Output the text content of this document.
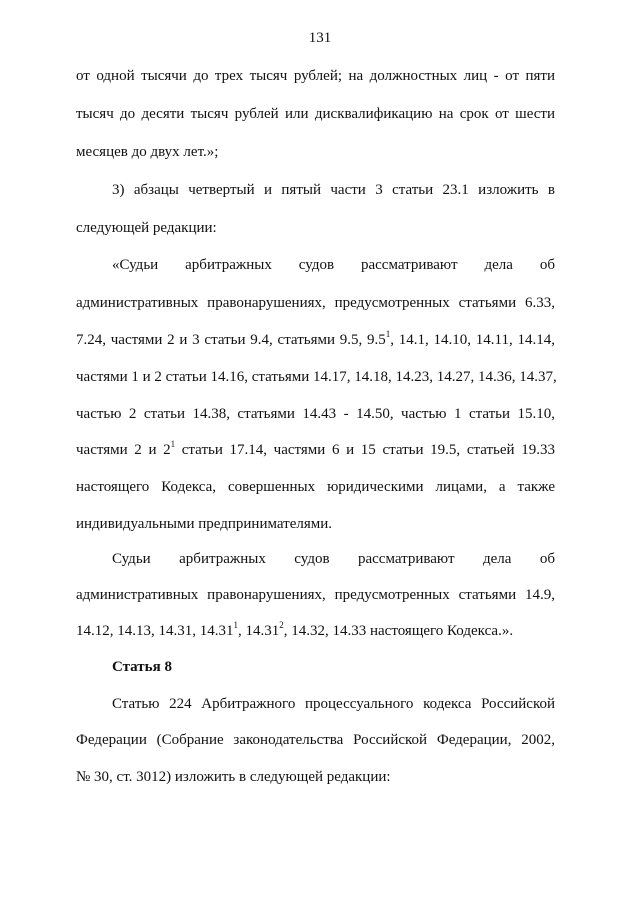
131
от одной тысячи до трех тысяч рублей; на должностных лиц - от пяти
тысяч до десяти тысяч рублей или дисквалификацию на срок от шести
месяцев до двух лет.»;
3) абзацы четвертый и пятый части 3 статьи 23.1 изложить в
следующей редакции:
«Судьи арбитражных судов рассматривают дела об
административных правонарушениях, предусмотренных статьями 6.33,
7.24, частями 2 и 3 статьи 9.4, статьями 9.5, $9.5^1$, 14.1, 14.10, 14.11, 14.14,
частями 1 и 2 статьи 14.16, статьями 14.17, 14.18, 14.23, 14.27, 14.36, 14.37,
частью 2 статьи 14.38, статьями 14.43 - 14.50, частью 1 статьи 15.10,
частями 2 и $2^1$ статьи 17.14, частями 6 и 15 статьи 19.5, статьей 19.33
настоящего Кодекса, совершенных юридическими лицами, а также
индивидуальными предпринимателями.
Судьи арбитражных судов рассматривают дела об
административных правонарушениях, предусмотренных статьями 14.9,
14.12, 14.13, 14.31, 14.31$^1$, 14.31$^2$, 14.32, 14.33 настоящего Кодекса.».
Статья 8
Статью 224 Арбитражного процессуального кодекса Российской
Федерации (Собрание законодательства Российской Федерации, 2002,
№ 30, ст. 3012) изложить в следующей редакции:
